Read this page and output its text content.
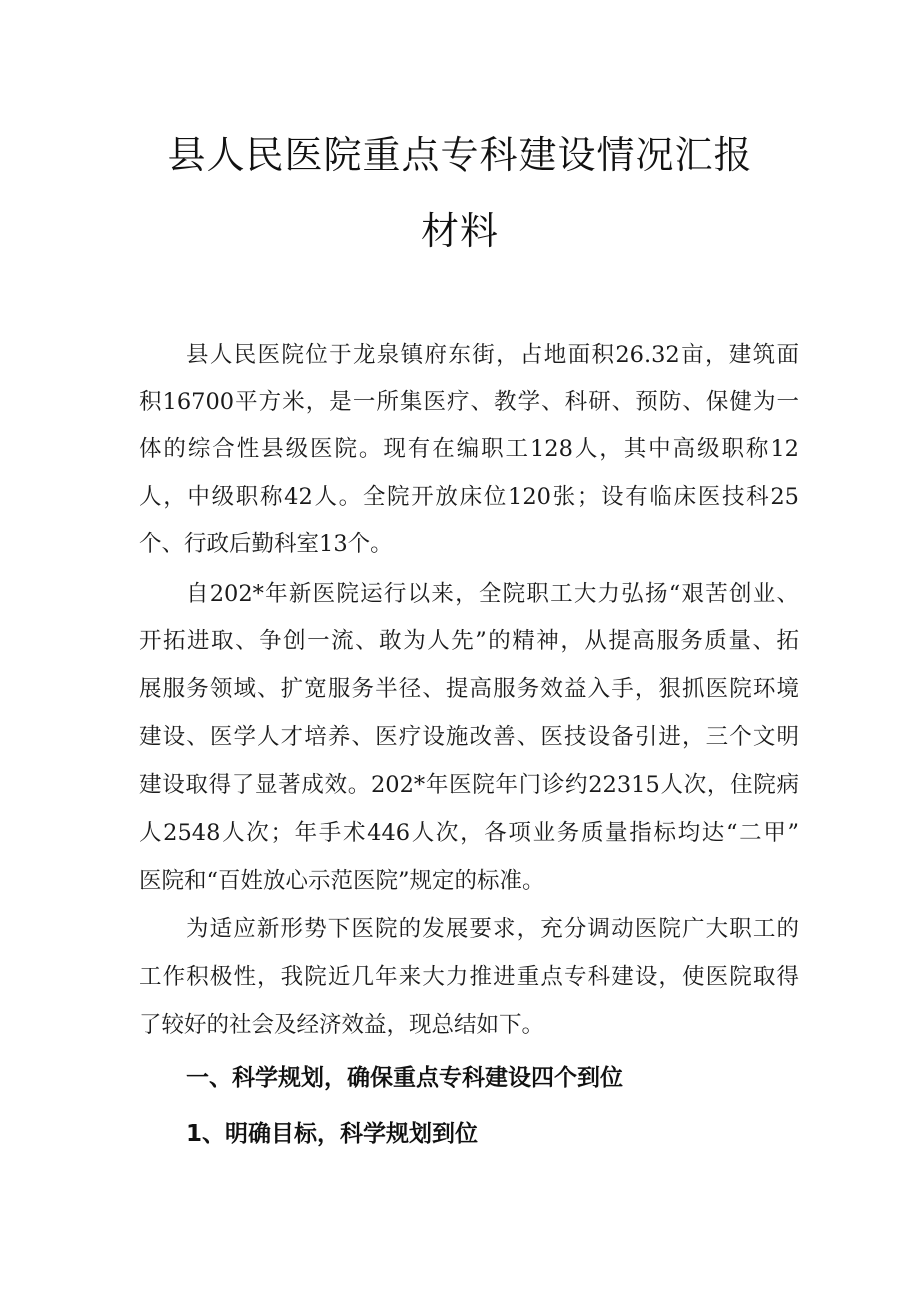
县人民医院重点专科建设情况汇报
材料
县人民医院位于龙泉镇府东街，占地面积26.32亩，建筑面
积16700平方米，是一所集医疗、教学、科研、预防、保健为一
体的综合性县级医院。现有在编职工128人，其中高级职称12
人，中级职称42人。全院开放床位120张；设有临床医技科25
个、行政后勤科室13个。
自202*年新医院运行以来，全院职工大力弘扬“艰苦创业、
开拓进取、争创一流、敢为人先”的精神，从提高服务质量、拓
展服务领域、扩宽服务半径、提高服务效益入手，狠抓医院环境
建设、医学人才培养、医疗设施改善、医技设备引进，三个文明
建设取得了显著成效。202*年医院年门诊约22315人次，住院病
人2548人次；年手术446人次，各项业务质量指标均达“二甲”
医院和“百姓放心示范医院”规定的标准。
为适应新形势下医院的发展要求，充分调动医院广大职工的
工作积极性，我院近几年来大力推进重点专科建设，使医院取得
了较好的社会及经济效益，现总结如下。
一、科学规划，确保重点专科建设四个到位
1、明确目标，科学规划到位
